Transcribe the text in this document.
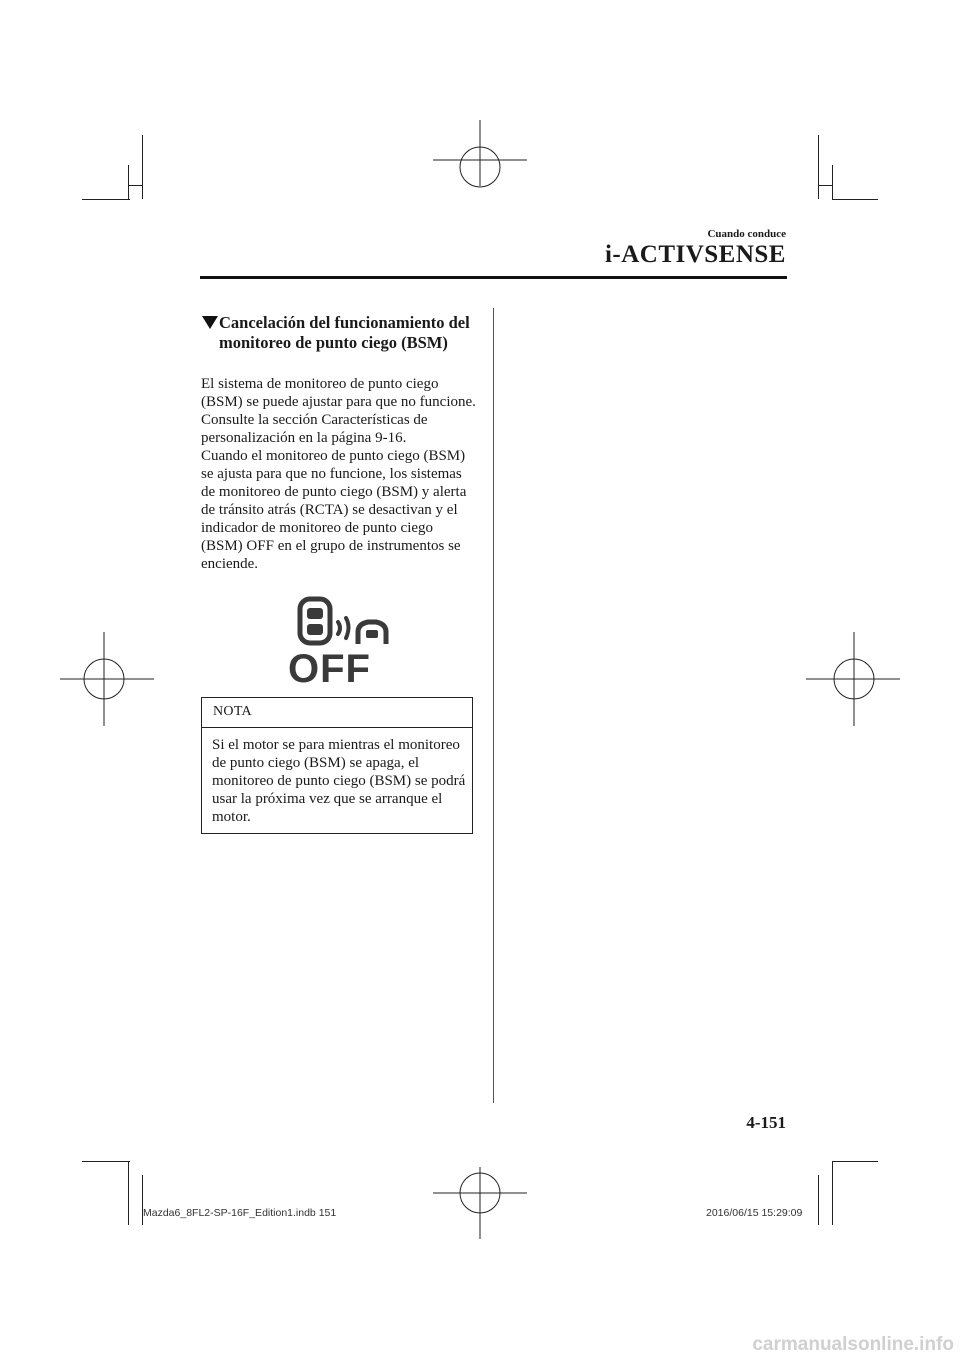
Cuando conduce
i-ACTIVSENSE
Cancelación del funcionamiento del monitoreo de punto ciego (BSM)

El sistema de monitoreo de punto ciego (BSM) se puede ajustar para que no funcione.

Consulte la sección Características de personalización en la página 9-16.

Cuando el monitoreo de punto ciego (BSM) se ajusta para que no funcione, los sistemas de monitoreo de punto ciego (BSM) y alerta de tránsito atrás (RCTA) se desactivan y el indicador de monitoreo de punto ciego (BSM) OFF en el grupo de instrumentos se enciende.

OFF
NOTA
Si el motor se para mientras el monitoreo de punto ciego (BSM) se apaga, el monitoreo de punto ciego (BSM) se podrá usar la próxima vez que se arranque el motor.
4-151
Mazda6_8FL2-SP-16F_Edition1.indb 151	2016/06/15 15:29:09
carmanualsonline.info
